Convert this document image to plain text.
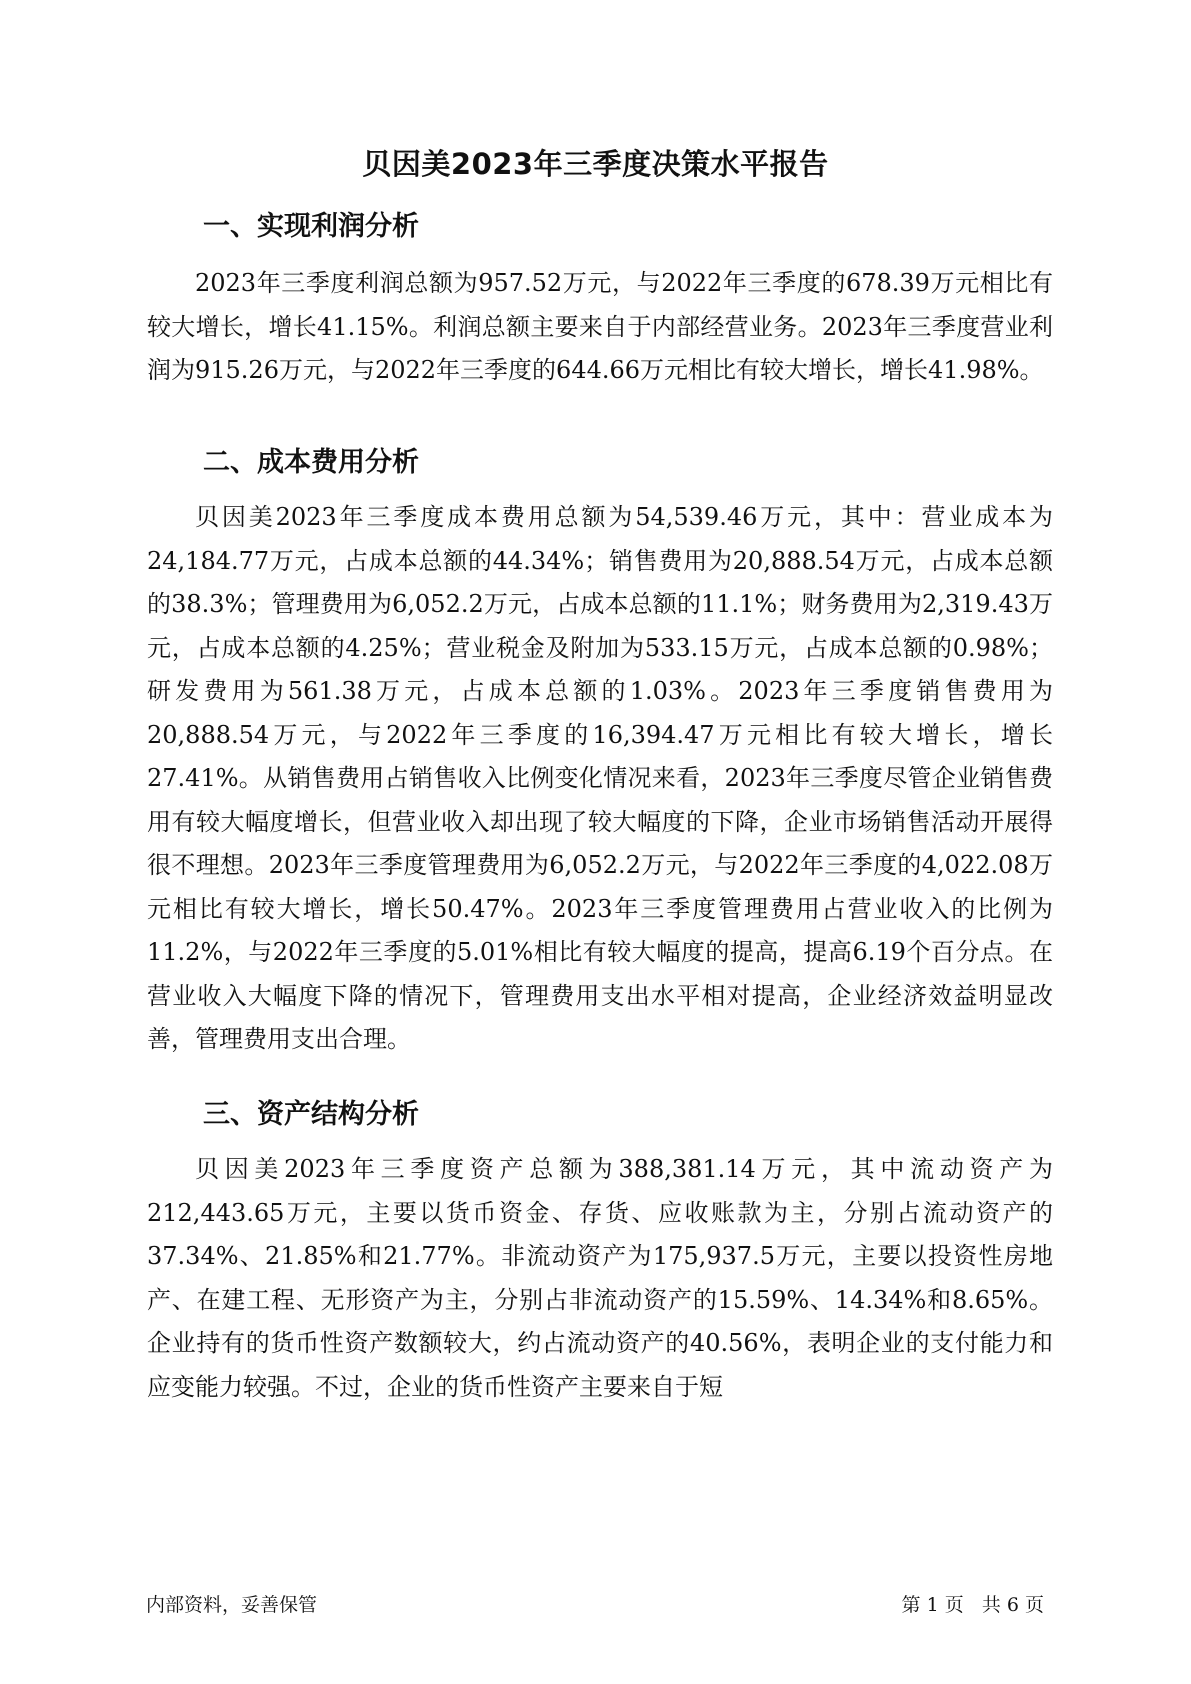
贝因美2023年三季度决策水平报告
一、实现利润分析
2023年三季度利润总额为957.52万元，与2022年三季度的678.39万元相比有较大增长，增长41.15%。利润总额主要来自于内部经营业务。2023年三季度营业利润为915.26万元，与2022年三季度的644.66万元相比有较大增长，增长41.98%。
二、成本费用分析
贝因美2023年三季度成本费用总额为54,539.46万元，其中：营业成本为24,184.77万元，占成本总额的44.34%；销售费用为20,888.54万元，占成本总额的38.3%；管理费用为6,052.2万元，占成本总额的11.1%；财务费用为2,319.43万元，占成本总额的4.25%；营业税金及附加为533.15万元，占成本总额的0.98%；研发费用为561.38万元，占成本总额的1.03%。2023年三季度销售费用为20,888.54万元，与2022年三季度的16,394.47万元相比有较大增长，增长27.41%。从销售费用占销售收入比例变化情况来看，2023年三季度尽管企业销售费用有较大幅度增长，但营业收入却出现了较大幅度的下降，企业市场销售活动开展得很不理想。2023年三季度管理费用为6,052.2万元，与2022年三季度的4,022.08万元相比有较大增长，增长50.47%。2023年三季度管理费用占营业收入的比例为11.2%，与2022年三季度的5.01%相比有较大幅度的提高，提高6.19个百分点。在营业收入大幅度下降的情况下，管理费用支出水平相对提高，企业经济效益明显改善，管理费用支出合理。
三、资产结构分析
贝因美2023年三季度资产总额为388,381.14万元，其中流动资产为212,443.65万元，主要以货币资金、存货、应收账款为主，分别占流动资产的37.34%、21.85%和21.77%。非流动资产为175,937.5万元，主要以投资性房地产、在建工程、无形资产为主，分别占非流动资产的15.59%、14.34%和8.65%。企业持有的货币性资产数额较大，约占流动资产的40.56%，表明企业的支付能力和应变能力较强。不过，企业的货币性资产主要来自于短
内部资料，妥善保管	第 1 页   共 6 页
